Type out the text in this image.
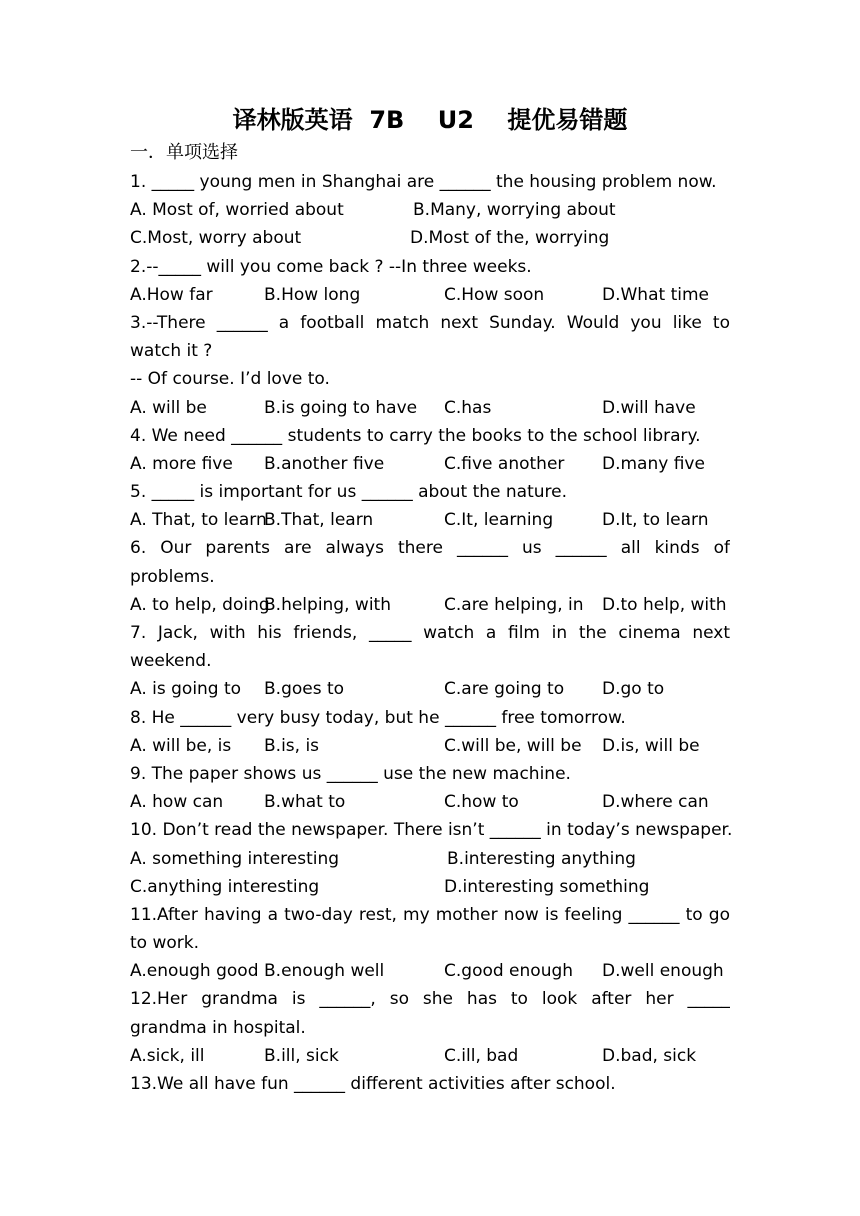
译林版英语  7B    U2    提优易错题
一．单项选择
1. _____ young men in Shanghai are ______ the housing problem now.
A. Most of, worried about	B.Many, worrying about
C.Most, worry about	D.Most of the, worrying
2.--_____ will you come back ? --In three weeks.
A.How far	B.How long	C.How soon	D.What time
3.--There ______ a football match next Sunday. Would you like to
watch it ?
-- Of course. I’d love to.
A. will be	B.is going to have C.has	D.will have
4. We need ______ students to carry the books to the school library.
A. more five B.another five	C.five another D.many five
5. _____ is important for us ______ about the nature.
A. That, to learn
B.That, learn	C.It, learning	D.It, to learn
6. Our parents are always there ______ us ______ all kinds of
problems.
A. to help, doing
B.helping, with	C.are helping, in D.to help, with
7. Jack, with his friends, _____ watch a film in the cinema next
weekend.
A. is going to B.goes to	C.are going to D.go to
8. He ______ very busy today, but he ______ free tomorrow.
A. will be, is B.is, is	C.will be, will be D.is, will be
9. The paper shows us ______ use the new machine.
A. how can B.what to	C.how to	D.where can
10. Don’t read the newspaper. There isn’t ______ in today’s newspaper.
A. something interesting	B.interesting anything
C.anything interesting	D.interesting something
11.After having a two-day rest, my mother now is feeling ______ to go
to work.
A.enough good B.enough well	C.good enough D.well enough
12.Her grandma is ______, so she has to look after her _____
grandma in hospital.
A.sick, ill	B.ill, sick	C.ill, bad	D.bad, sick
13.We all have fun ______ different activities after school.
